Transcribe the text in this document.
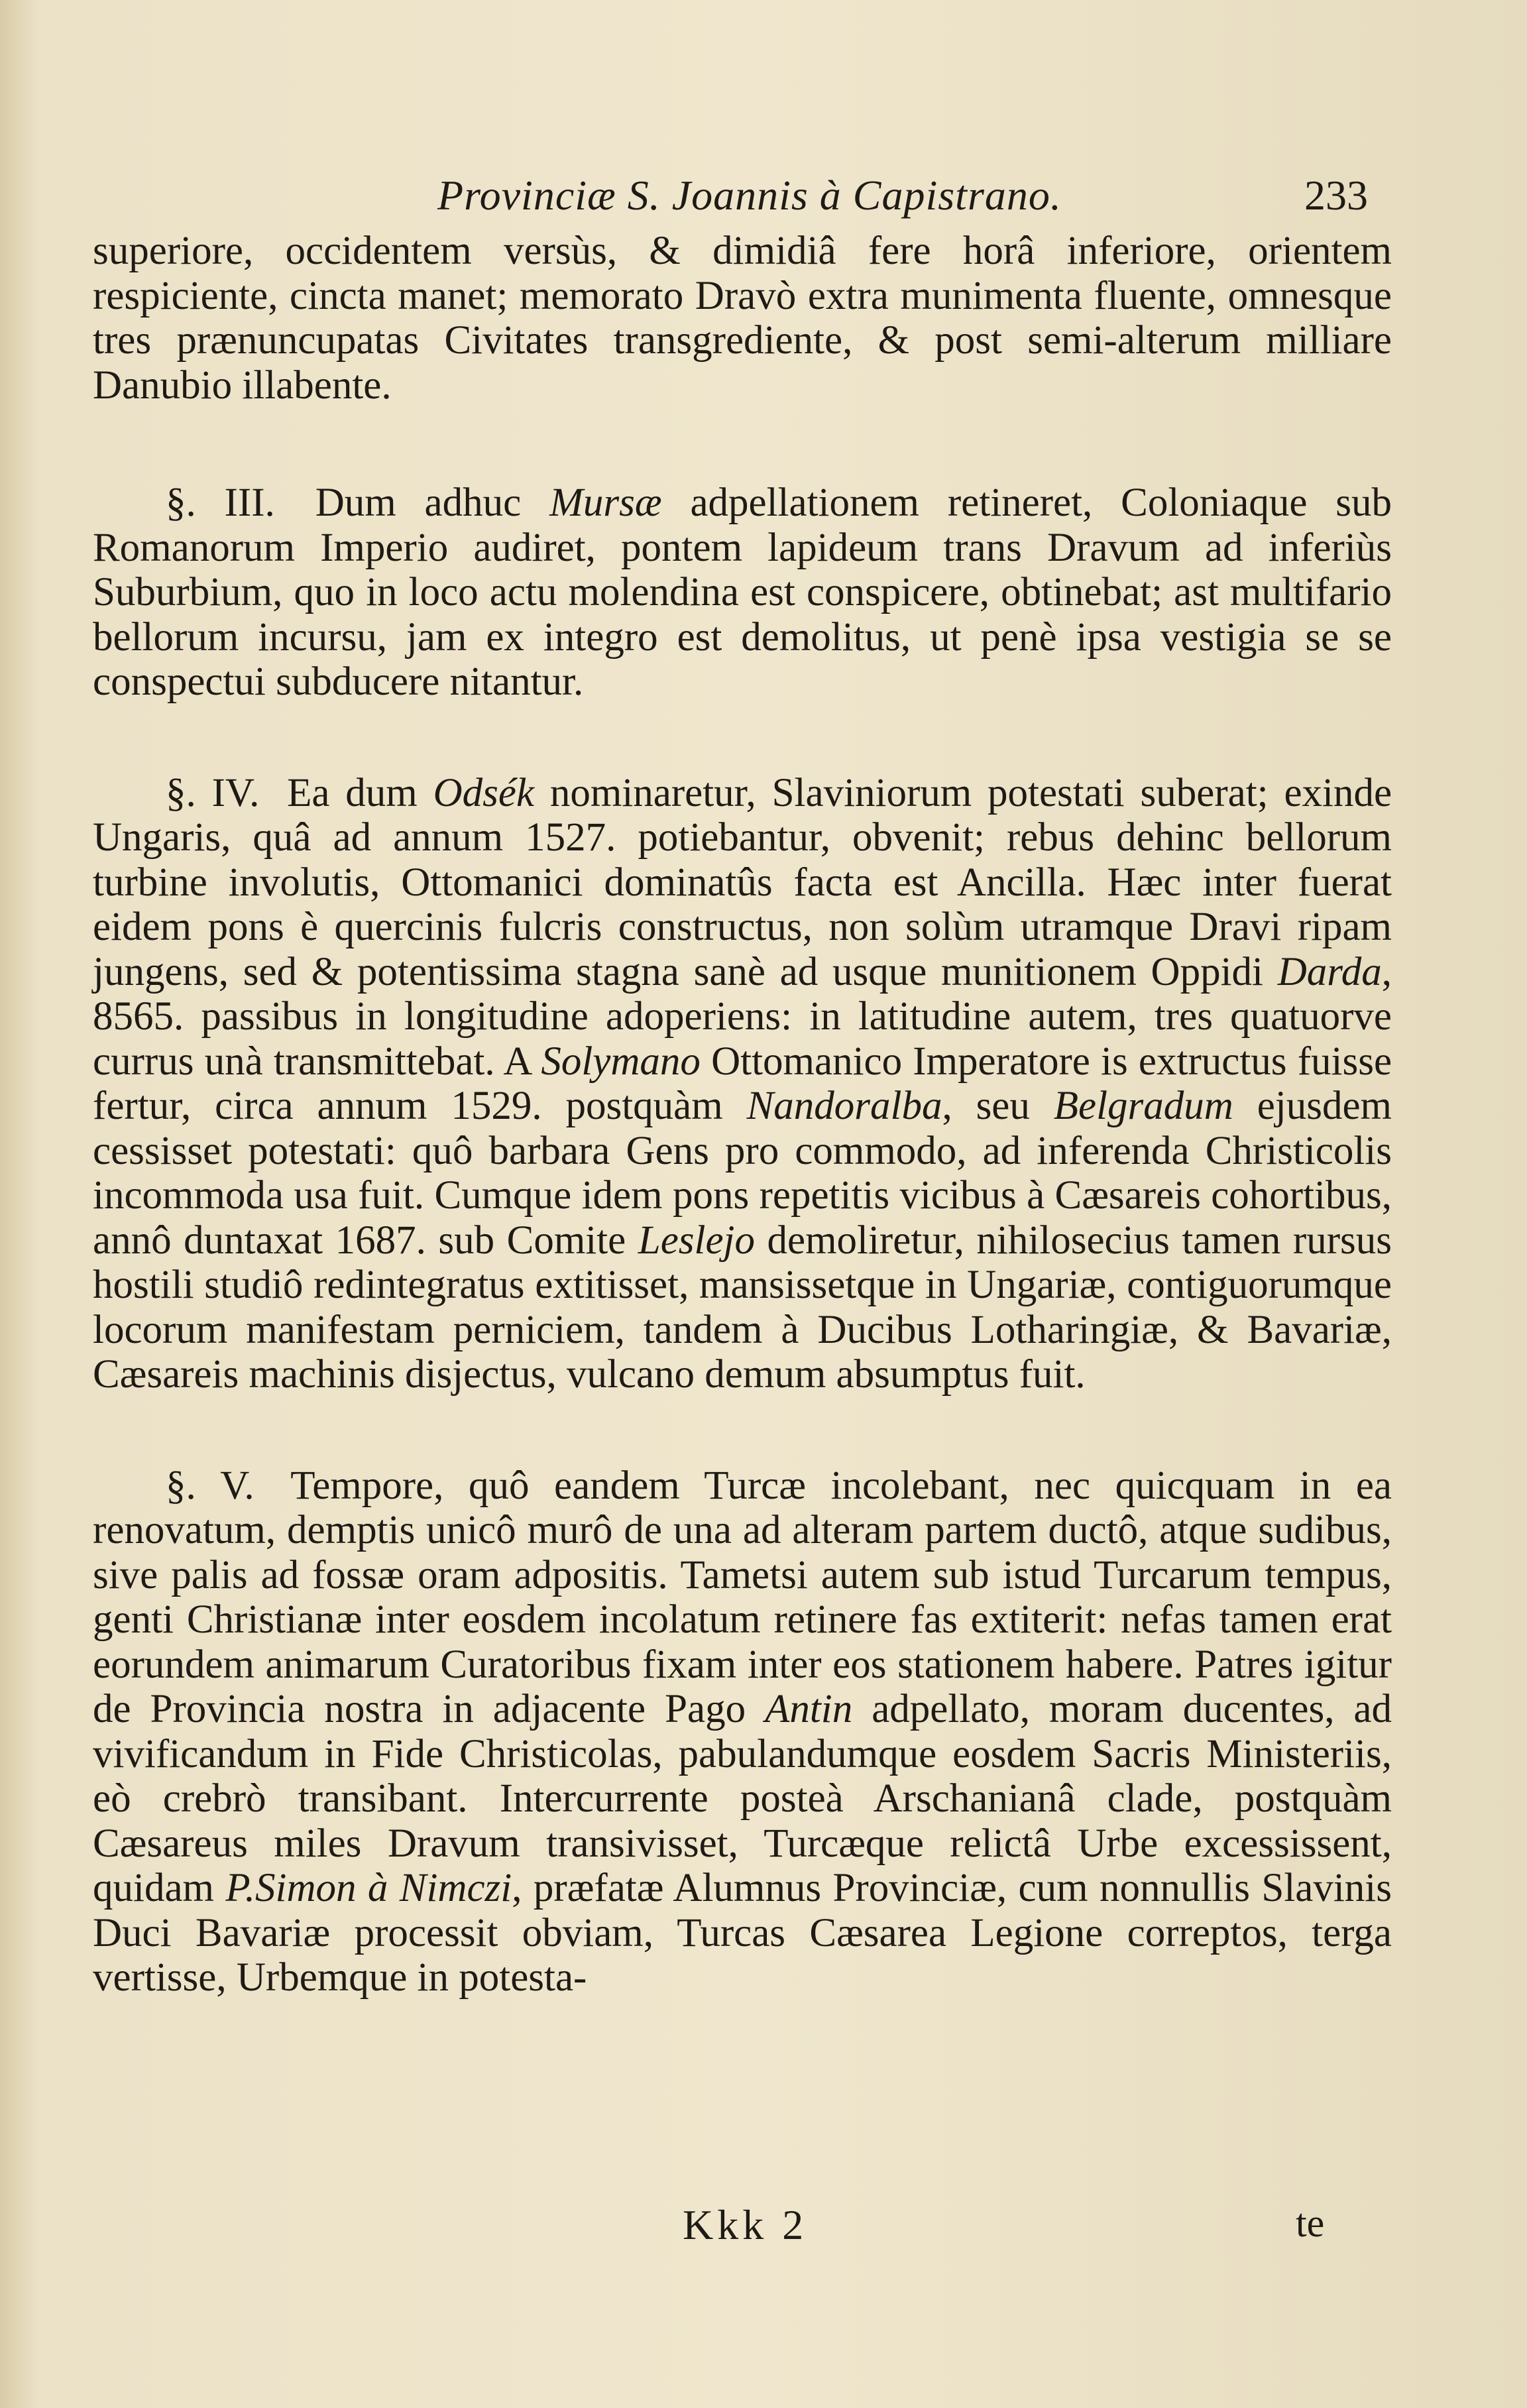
Provinciæ S. Joannis à Capistrano.	233

superiore, occidentem versùs, & dimidiâ fere horâ inferiore, orientem respiciente, cincta manet; memorato Dravò extra munimenta fluente, omnesque tres prænuncupatas Civitates transgrediente, & post semi-alterum milliare Danubio illabente.

§. III. Dum adhuc Mursæ adpellationem retineret, Coloniaque sub Romanorum Imperio audiret, pontem lapideum trans Dravum ad inferiùs Suburbium, quo in loco actu molendina est conspicere, obtinebat; ast multifario bellorum incursu, jam ex integro est demolitus, ut penè ipsa vestigia se se conspectui subducere nitantur.

§. IV. Ea dum Odsék nominaretur, Slaviniorum potestati suberat; exinde Ungaris, quâ ad annum 1527. potiebantur, obvenit; rebus dehinc bellorum turbine involutis, Ottomanici dominatûs facta est Ancilla. Hæc inter fuerat eidem pons è quercinis fulcris constructus, non solùm utramque Dravi ripam jungens, sed & potentissima stagna sanè ad usque munitionem Oppidi Darda, 8565. passibus in longitudine adoperiens: in latitudine autem, tres quatuorve currus unà transmittebat. A Solymano Ottomanico Imperatore is extructus fuisse fertur, circa annum 1529. postquàm Nandoralba, seu Belgradum ejusdem cessisset potestati: quô barbara Gens pro commodo, ad inferenda Christicolis incommoda usa fuit. Cumque idem pons repetitis vicibus à Cæsareis cohortibus, annô duntaxat 1687. sub Comite Leslejo demoliretur, nihilosecius tamen rursus hostili studiô redintegratus extitisset, mansissetque in Ungariæ, contiguorumque locorum manifestam perniciem, tandem à Ducibus Lotharingiæ, & Bavariæ, Cæsareis machinis disjectus, vulcano demum absumptus fuit.

§. V. Tempore, quô eandem Turcæ incolebant, nec quicquam in ea renovatum, demptis unicô murô de una ad alteram partem ductô, atque sudibus, sive palis ad fossæ oram adpositis. Tametsi autem sub istud Turcarum tempus, genti Christianæ inter eosdem incolatum retinere fas extiterit: nefas tamen erat eorundem animarum Curatoribus fixam inter eos stationem habere. Patres igitur de Provincia nostra in adjacente Pago Antin adpellato, moram ducentes, ad vivificandum in Fide Christicolas, pabulandumque eosdem Sacris Ministeriis, eò crebrò transibant. Intercurrente posteà Arschanianâ clade, postquàm Cæsareus miles Dravum transivisset, Turcæque relictâ Urbe excessissent, quidam P.Simon à Nimczi, præfatæ Alumnus Provinciæ, cum nonnullis Slavinis Duci Bavariæ processit obviam, Turcas Cæsarea Legione correptos, terga vertisse, Urbemque in potesta-

Kkk 2	te
